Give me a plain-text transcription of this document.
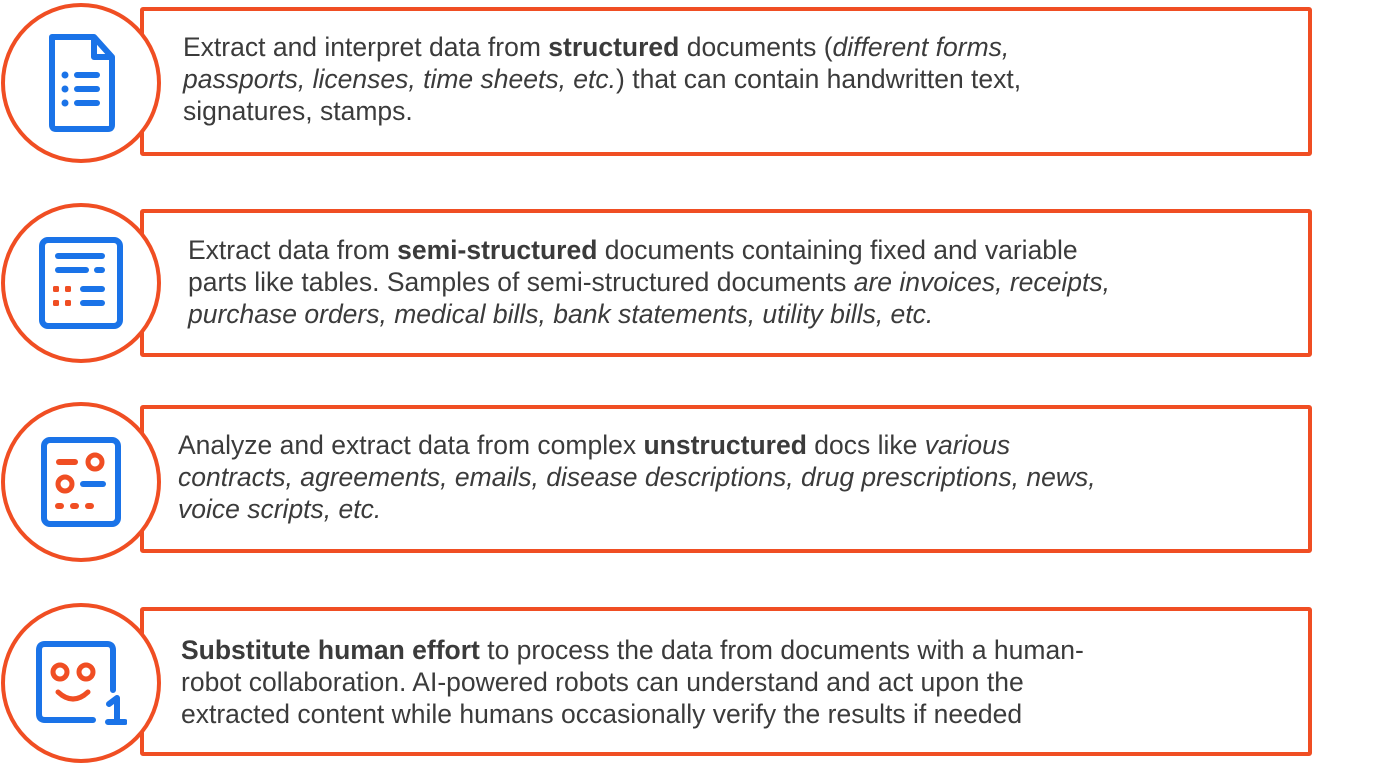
Extract and interpret data from structured documents (different forms,
passports, licenses, time sheets, etc.) that can contain handwritten text,
signatures, stamps.
Extract data from semi-structured documents containing fixed and variable
parts like tables. Samples of semi-structured documents are invoices, receipts,
purchase orders, medical bills, bank statements, utility bills, etc.
Analyze and extract data from complex unstructured docs like various
contracts, agreements, emails, disease descriptions, drug prescriptions, news,
voice scripts, etc.
Substitute human effort to process the data from documents with a human-
robot collaboration. AI-powered robots can understand and act upon the
extracted content while humans occasionally verify the results if needed
